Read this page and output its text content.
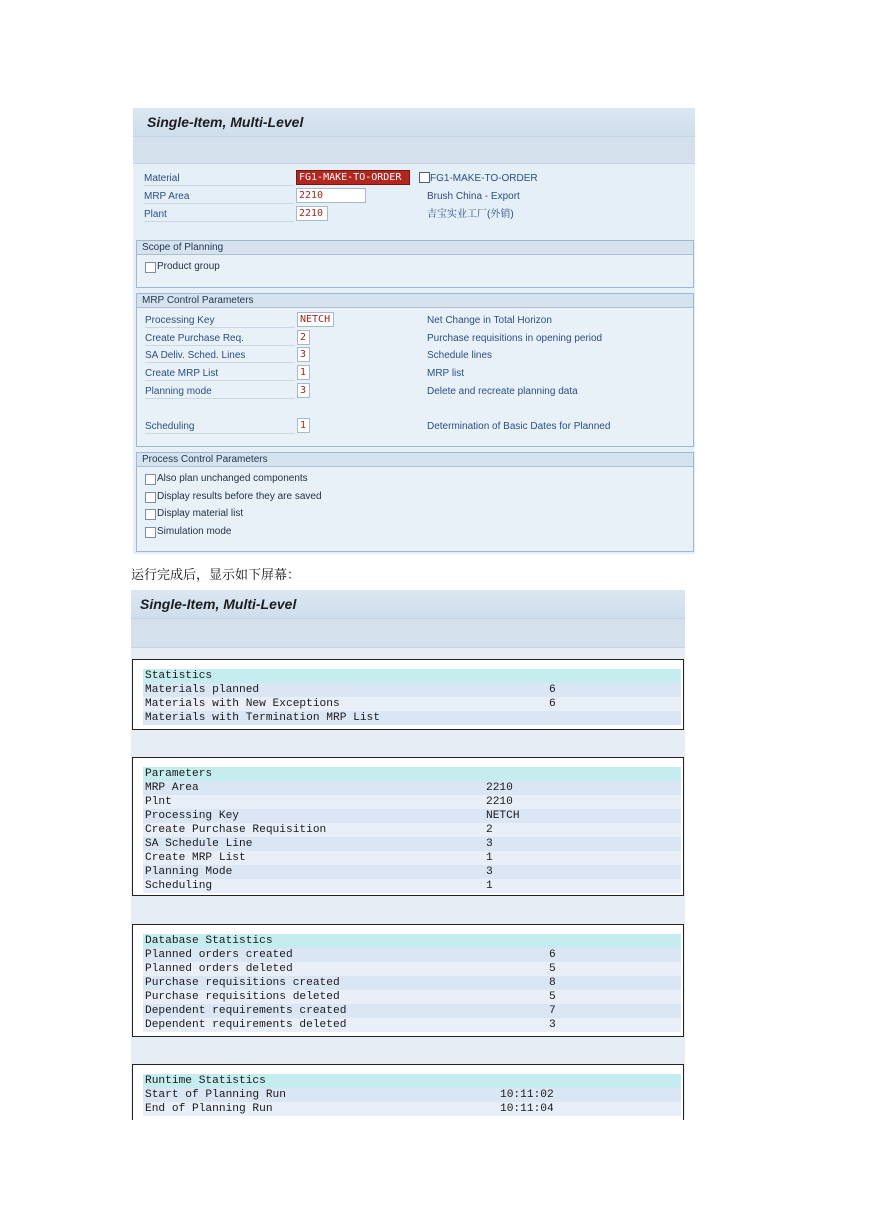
Single-Item, Multi-Level
Material	FG1-MAKE-TO-ORDER	FG1-MAKE-TO-ORDER
MRP Area	2210	Brush China - Export
Plant	2210	吉宝实业工厂(外销)
Scope of Planning
Product group
MRP Control Parameters
Processing Key	NETCH	Net Change in Total Horizon
Create Purchase Req.	2	Purchase requisitions in opening period
SA Deliv. Sched. Lines	3	Schedule lines
Create MRP List	1	MRP list
Planning mode	3	Delete and recreate planning data
Scheduling	1	Determination of Basic Dates for Planned
Process Control Parameters
Also plan unchanged components
Display results before they are saved
Display material list
Simulation mode
运行完成后，显示如下屏幕：
Single-Item, Multi-Level
Statistics
Materials planned	6
Materials with New Exceptions	6
Materials with Termination MRP List
Parameters
MRP Area	2210
Plnt	2210
Processing Key	NETCH
Create Purchase Requisition	2
SA Schedule Line	3
Create MRP List	1
Planning Mode	3
Scheduling	1
Database Statistics
Planned orders created	6
Planned orders deleted	5
Purchase requisitions created	8
Purchase requisitions deleted	5
Dependent requirements created	7
Dependent requirements deleted	3
Runtime Statistics
Start of Planning Run	10:11:02
End of Planning Run	10:11:04
